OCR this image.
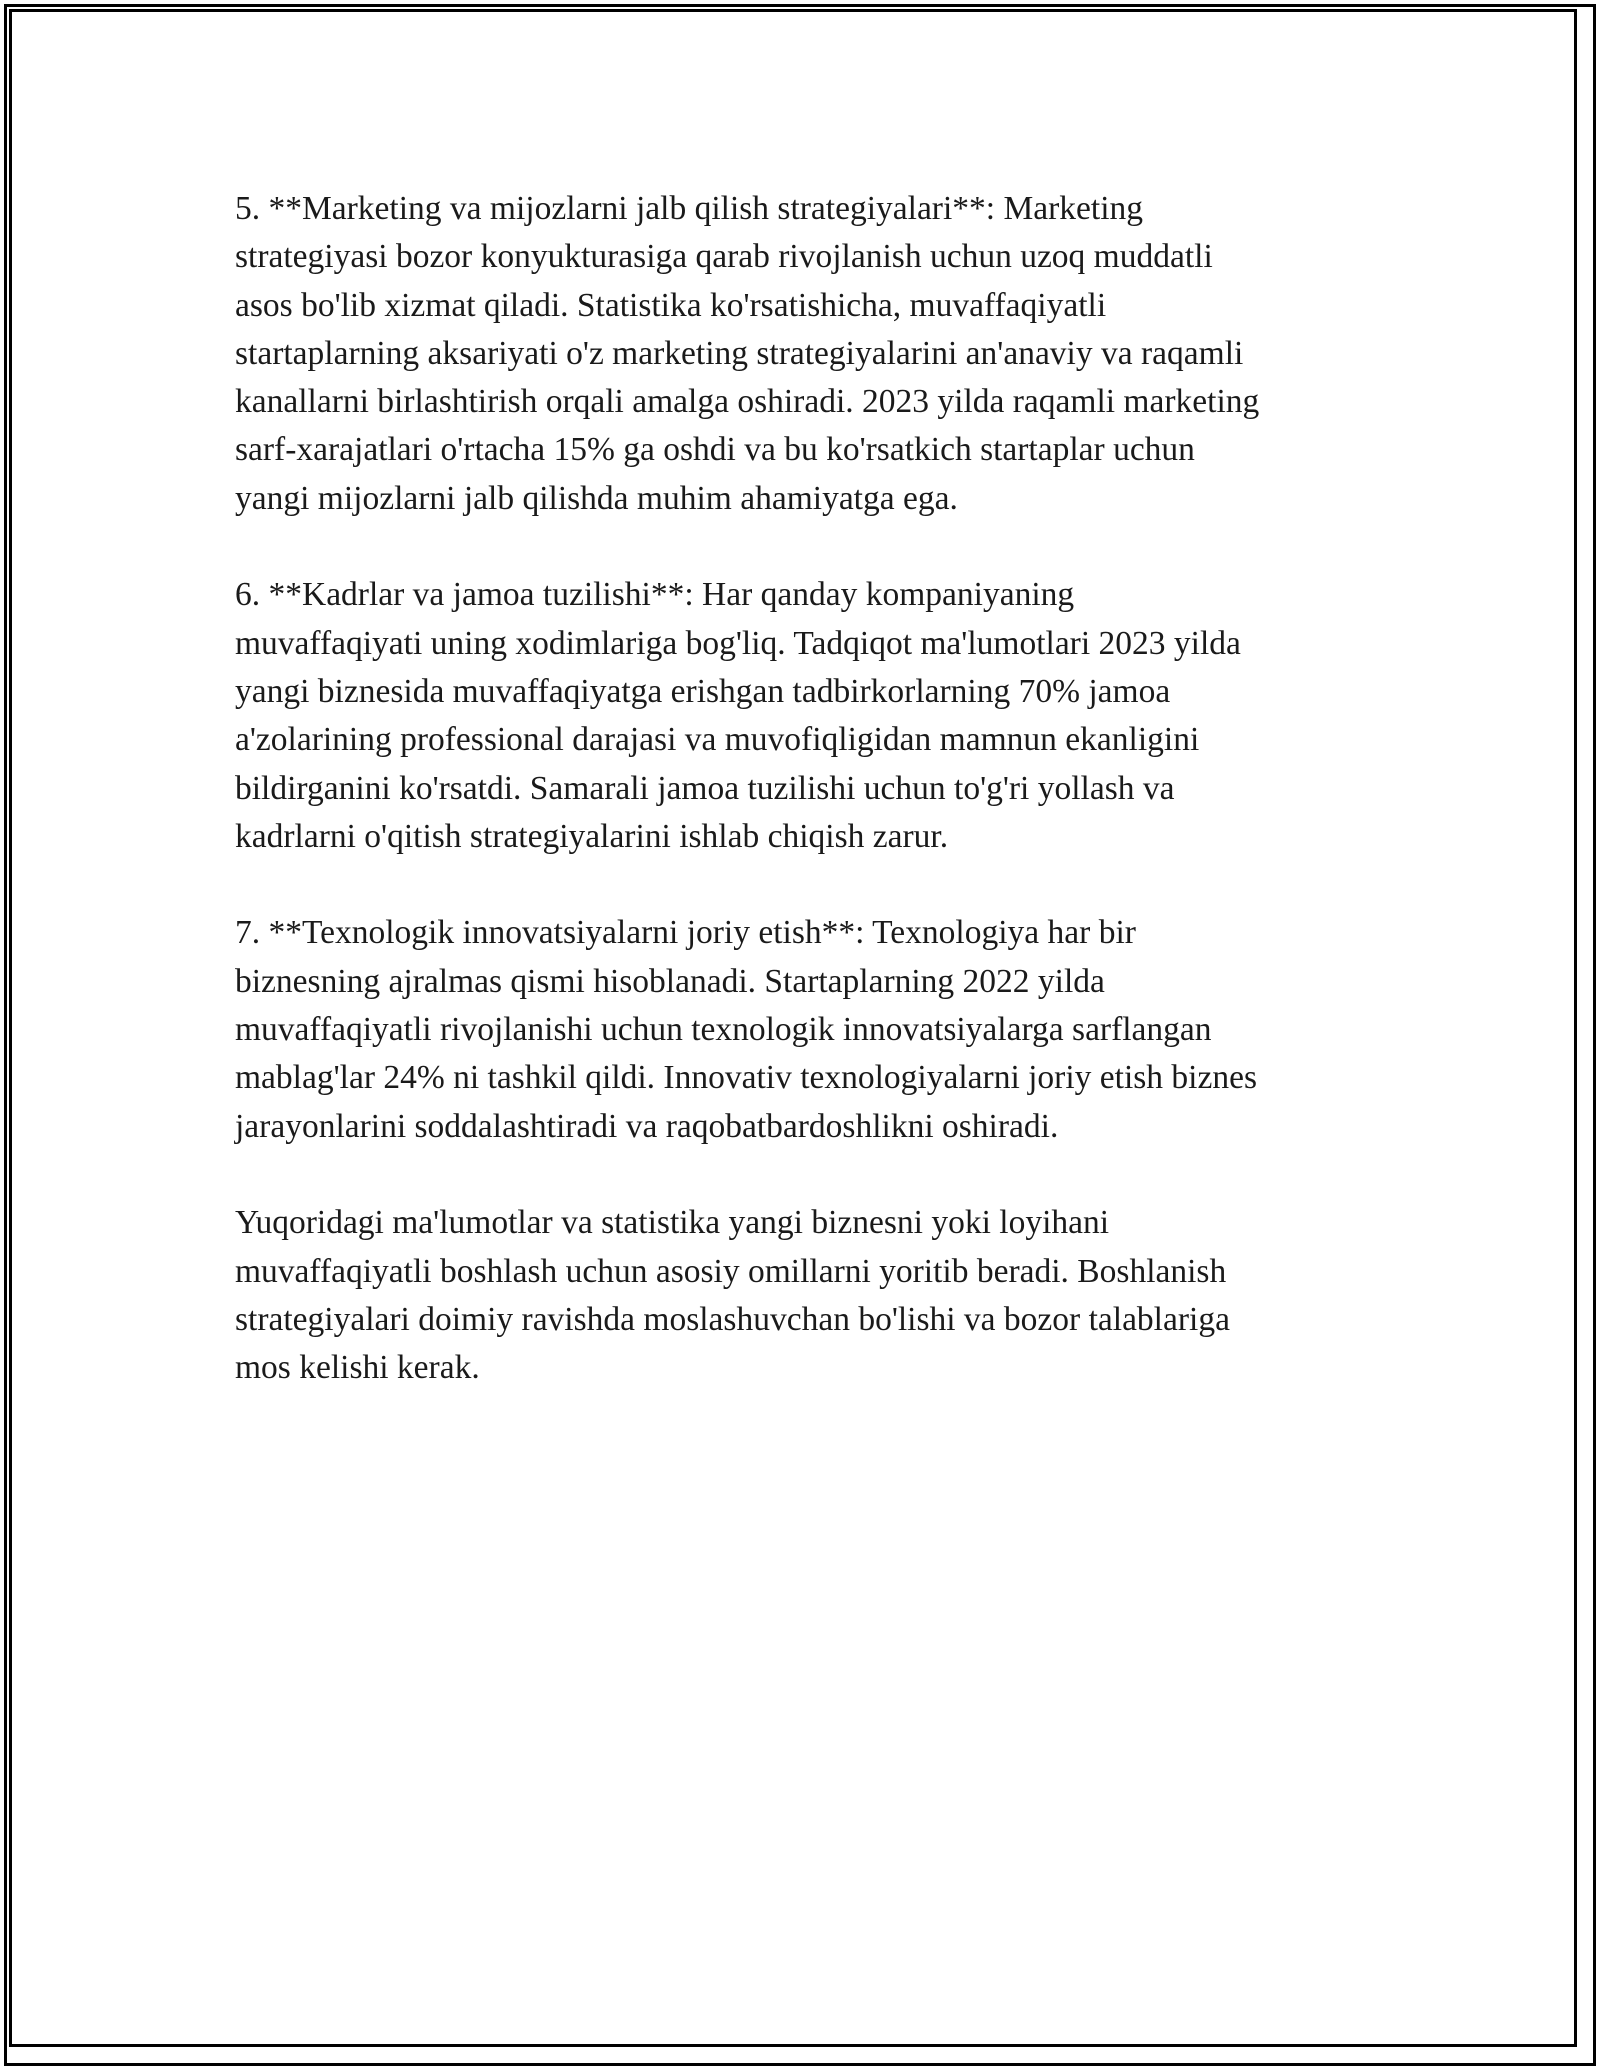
5. **Marketing va mijozlarni jalb qilish strategiyalari**: Marketing
strategiyasi bozor konyukturasiga qarab rivojlanish uchun uzoq muddatli
asos bo'lib xizmat qiladi. Statistika ko'rsatishicha, muvaffaqiyatli
startaplarning aksariyati o'z marketing strategiyalarini an'anaviy va raqamli
kanallarni birlashtirish orqali amalga oshiradi. 2023 yilda raqamli marketing
sarf-xarajatlari o'rtacha 15% ga oshdi va bu ko'rsatkich startaplar uchun
yangi mijozlarni jalb qilishda muhim ahamiyatga ega.

6. **Kadrlar va jamoa tuzilishi**: Har qanday kompaniyaning
muvaffaqiyati uning xodimlariga bog'liq. Tadqiqot ma'lumotlari 2023 yilda
yangi biznesida muvaffaqiyatga erishgan tadbirkorlarning 70% jamoa
a'zolarining professional darajasi va muvofiqligidan mamnun ekanligini
bildirganini ko'rsatdi. Samarali jamoa tuzilishi uchun to'g'ri yollash va
kadrlarni o'qitish strategiyalarini ishlab chiqish zarur.

7. **Texnologik innovatsiyalarni joriy etish**: Texnologiya har bir
biznesning ajralmas qismi hisoblanadi. Startaplarning 2022 yilda
muvaffaqiyatli rivojlanishi uchun texnologik innovatsiyalarga sarflangan
mablag'lar 24% ni tashkil qildi. Innovativ texnologiyalarni joriy etish biznes
jarayonlarini soddalashtiradi va raqobatbardoshlikni oshiradi.

Yuqoridagi ma'lumotlar va statistika yangi biznesni yoki loyihani
muvaffaqiyatli boshlash uchun asosiy omillarni yoritib beradi. Boshlanish
strategiyalari doimiy ravishda moslashuvchan bo'lishi va bozor talablariga
mos kelishi kerak.
